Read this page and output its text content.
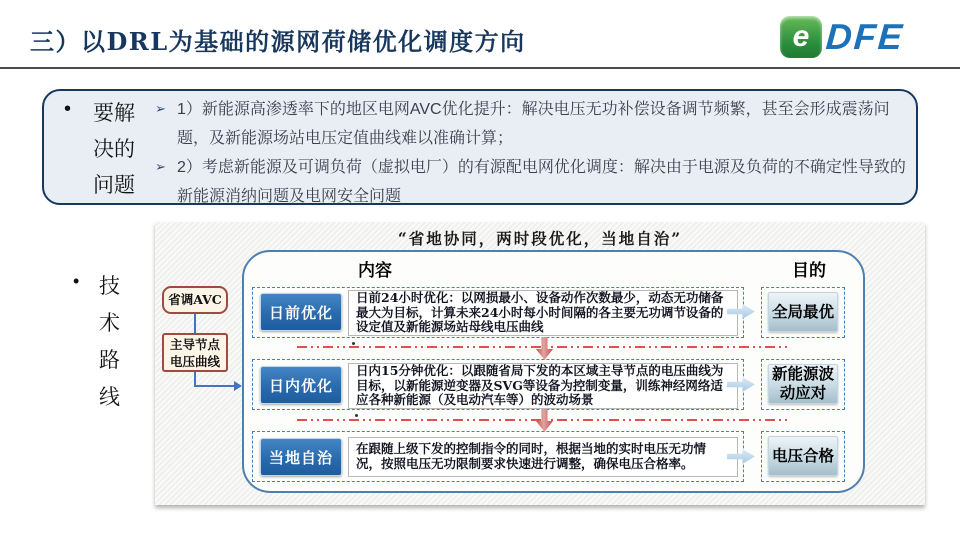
三）以DRL为基础的源网荷储优化调度方向	e DFE
• 要解决的问题
➢ 1）新能源高渗透率下的地区电网AVC优化提升：解决电压无功补偿设备调节频繁，甚至会形成震荡问题，及新能源场站电压定值曲线难以准确计算；
➢ 2）考虑新能源及可调负荷（虚拟电厂）的有源配电网优化调度：解决由于电源及负荷的不确定性导致的新能源消纳问题及电网安全问题
• 技术路线
“省地协同，两时段优化，当地自治”
内容	目的
省调AVC
主导节点电压曲线
日前优化
日前24小时优化：以网损最小、设备动作次数最少，动态无功储备最大为目标，计算未来24小时每小时间隔的各主要无功调节设备的设定值及新能源场站母线电压曲线
全局最优
日内优化
日内15分钟优化：以跟随省局下发的本区域主导节点的电压曲线为目标，以新能源逆变器及SVG等设备为控制变量，训练神经网络适应各种新能源（及电动汽车等）的波动场景
新能源波动应对
当地自治
在跟随上级下发的控制指令的同时，根据当地的实时电压无功情况，按照电压无功限制要求快速进行调整，确保电压合格率。	电压合格
